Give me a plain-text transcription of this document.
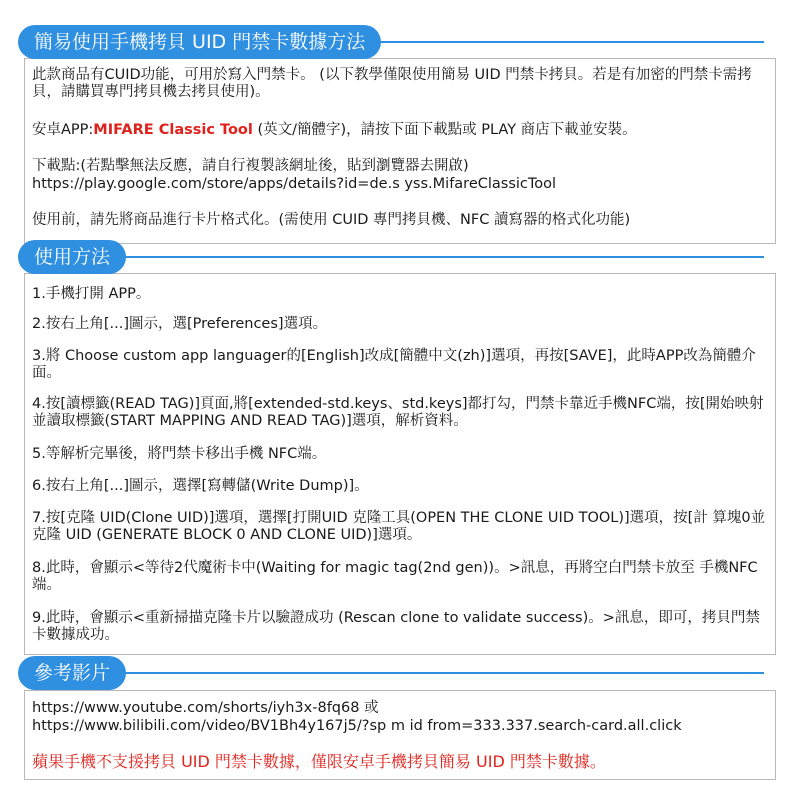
簡易使用手機拷貝 UID 門禁卡數據方法
此款商品有CUID功能，可用於寫入門禁卡。 (以下教學僅限使用簡易 UID 門禁卡拷貝。若是有加密的門禁卡需拷貝，請購買專門拷貝機去拷貝使用)。
安卓APP:MIFARE Classic Tool (英文/簡體字)，請按下面下載點或 PLAY 商店下載並安裝。
下載點:(若點擊無法反應，請自行複製該網址後，貼到瀏覽器去開啟)
https://play.google.com/store/apps/details?id=de.s yss.MifareClassicTool
使用前，請先將商品進行卡片格式化。(需使用 CUID 專門拷貝機、NFC 讀寫器的格式化功能)
使用方法
1.手機打開 APP。
2.按右上角[...]圖示，選[Preferences]選項。
3.將 Choose custom app languager的[English]改成[簡體中文(zh)]選項，再按[SAVE]，此時APP改為簡體介面。
4.按[讀標籤(READ TAG)]頁面,將[extended-std.keys、std.keys]都打勾，門禁卡靠近手機NFC端，按[開始映射並讀取標籤(START MAPPING AND READ TAG)]選項，解析資料。
5.等解析完畢後，將門禁卡移出手機 NFC端。
6.按右上角[...]圖示，選擇[寫轉儲(Write Dump)]。
7.按[克隆 UID(Clone UID)]選項，選擇[打開UID 克隆工具(OPEN THE CLONE UID TOOL)]選項，按[計 算塊0並克隆 UID (GENERATE BLOCK 0 AND CLONE UID)]選項。
8.此時，會顯示<等待2代魔術卡中(Waiting for magic tag(2nd gen))。>訊息，再將空白門禁卡放至 手機NFC端。
9.此時，會顯示<重新掃描克隆卡片以驗證成功 (Rescan clone to validate success)。>訊息，即可，拷貝門禁卡數據成功。
參考影片
https://www.youtube.com/shorts/iyh3x-8fq68 或
https://www.bilibili.com/video/BV1Bh4y167j5/?sp m id from=333.337.search-card.all.click
蘋果手機不支援拷貝 UID 門禁卡數據，僅限安卓手機拷貝簡易 UID 門禁卡數據。
